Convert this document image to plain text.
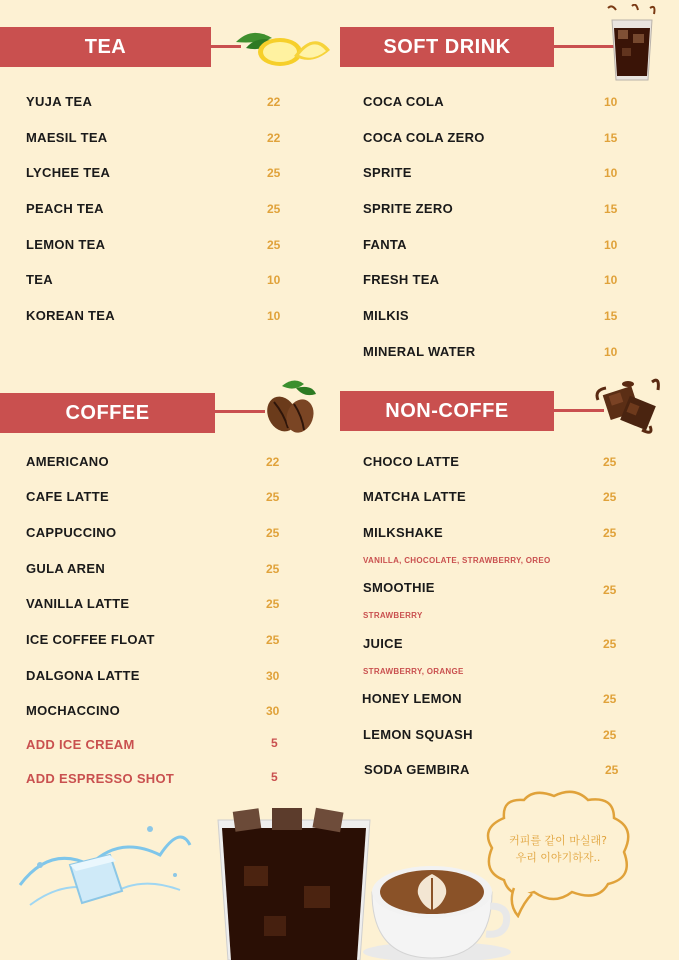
TEA
YUJA TEA	22
MAESIL TEA	22
LYCHEE TEA	25
PEACH TEA	25
LEMON TEA	25
TEA	10
KOREAN TEA	10
SOFT DRINK
COCA COLA	10
COCA COLA ZERO	15
SPRITE	10
SPRITE ZERO	15
FANTA	10
FRESH TEA	10
MILKIS	15
MINERAL WATER	10
COFFEE
AMERICANO	22
CAFE LATTE	25
CAPPUCCINO	25
GULA AREN	25
VANILLA LATTE	25
ICE COFFEE FLOAT	25
DALGONA LATTE	30
MOCHACCINO	30
ADD ICE CREAM	5
ADD ESPRESSO SHOT	5
NON-COFFE
CHOCO LATTE	25
MATCHA LATTE	25
MILKSHAKE	25
VANILLA, CHOCOLATE, STRAWBERRY, OREO
SMOOTHIE	25
STRAWBERRY
JUICE	25
STRAWBERRY, ORANGE
HONEY LEMON	25
LEMON SQUASH	25
SODA GEMBIRA	25
커피를 같이 마실래?
우리 이야기하자..
